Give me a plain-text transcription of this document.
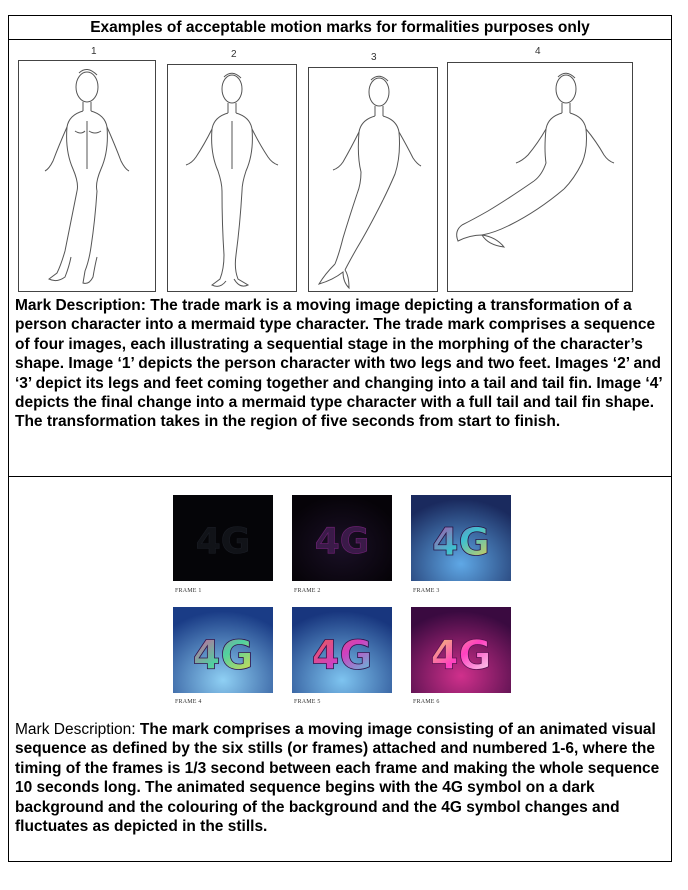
Examples of acceptable motion marks for formalities purposes only
1	2	3
4
Mark Description: The trade mark is a moving image depicting a transformation of a person character into a mermaid type character. The trade mark comprises a sequence of four images, each illustrating a sequential stage in the morphing of the character’s shape. Image ‘1’ depicts the person character with two legs and two feet. Images ‘2’ and ‘3’ depict its legs and feet coming together and changing into a tail and tail fin. Image ‘4’ depicts the final change into a mermaid type character with a full tail and tail fin shape. The transformation takes in the region of five seconds from start to finish.
4G
FRAME 1
4G
FRAME 2
4G
FRAME 3
4G
FRAME 4
4G
FRAME 5
4G
FRAME 6
Mark Description: The mark comprises a moving image consisting of an animated visual sequence as defined by the six stills (or frames) attached and numbered 1-6, where the timing of the frames is 1/3 second between each frame and making the whole sequence 10 seconds long. The animated sequence begins with the 4G symbol on a dark background and the colouring of the background and the 4G symbol changes and fluctuates as depicted in the stills.
